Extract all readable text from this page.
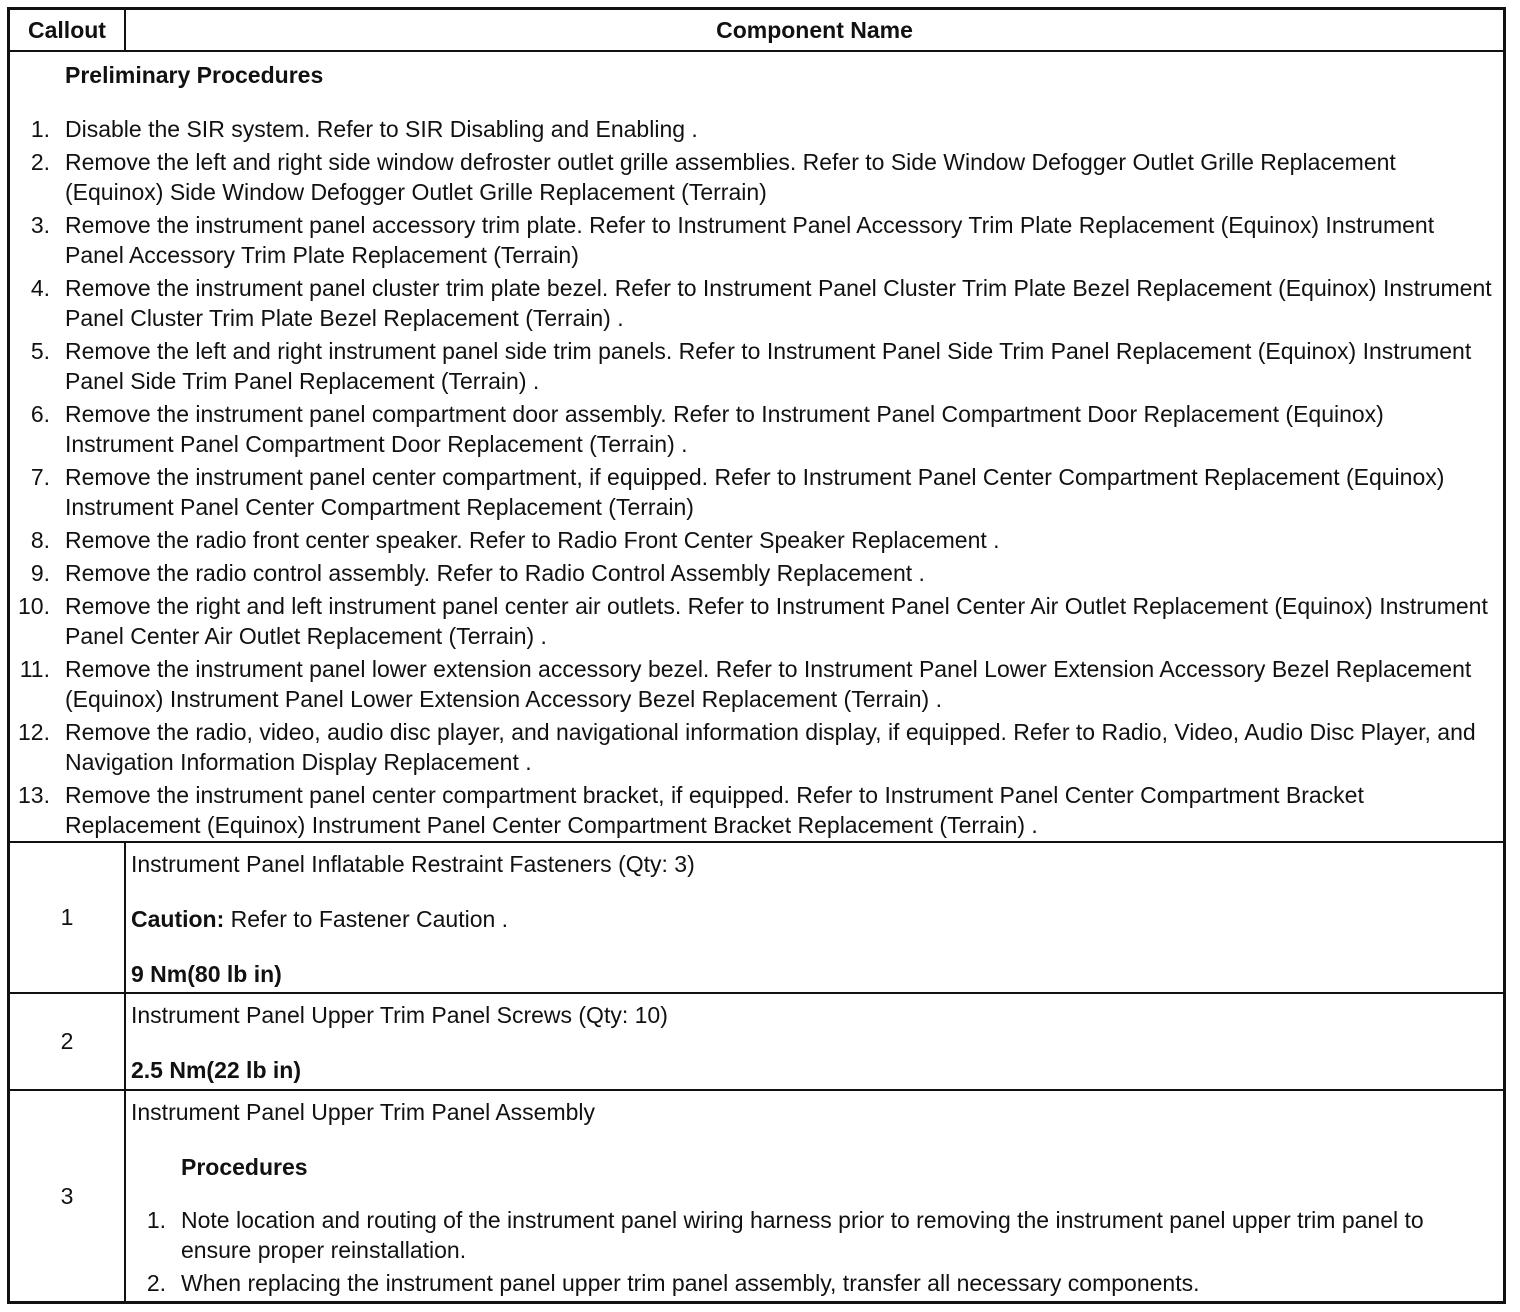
Callout	Component Name
Preliminary Procedures
1. Disable the SIR system. Refer to SIR Disabling and Enabling .
2. Remove the left and right side window defroster outlet grille assemblies. Refer to Side Window Defogger Outlet Grille Replacement (Equinox) Side Window Defogger Outlet Grille Replacement (Terrain)
3. Remove the instrument panel accessory trim plate. Refer to Instrument Panel Accessory Trim Plate Replacement (Equinox) Instrument Panel Accessory Trim Plate Replacement (Terrain)
4. Remove the instrument panel cluster trim plate bezel. Refer to Instrument Panel Cluster Trim Plate Bezel Replacement (Equinox) Instrument Panel Cluster Trim Plate Bezel Replacement (Terrain) .
5. Remove the left and right instrument panel side trim panels. Refer to Instrument Panel Side Trim Panel Replacement (Equinox) Instrument Panel Side Trim Panel Replacement (Terrain) .
6. Remove the instrument panel compartment door assembly. Refer to Instrument Panel Compartment Door Replacement (Equinox) Instrument Panel Compartment Door Replacement (Terrain) .
7. Remove the instrument panel center compartment, if equipped. Refer to Instrument Panel Center Compartment Replacement (Equinox) Instrument Panel Center Compartment Replacement (Terrain)
8. Remove the radio front center speaker. Refer to Radio Front Center Speaker Replacement .
9. Remove the radio control assembly. Refer to Radio Control Assembly Replacement .
10. Remove the right and left instrument panel center air outlets. Refer to Instrument Panel Center Air Outlet Replacement (Equinox) Instrument Panel Center Air Outlet Replacement (Terrain) .
11. Remove the instrument panel lower extension accessory bezel. Refer to Instrument Panel Lower Extension Accessory Bezel Replacement (Equinox) Instrument Panel Lower Extension Accessory Bezel Replacement (Terrain) .
12. Remove the radio, video, audio disc player, and navigational information display, if equipped. Refer to Radio, Video, Audio Disc Player, and Navigation Information Display Replacement .
13. Remove the instrument panel center compartment bracket, if equipped. Refer to Instrument Panel Center Compartment Bracket Replacement (Equinox) Instrument Panel Center Compartment Bracket Replacement (Terrain) .
1
Instrument Panel Inflatable Restraint Fasteners (Qty: 3)
Caution: Refer to Fastener Caution .
9 Nm(80 lb in)
2
Instrument Panel Upper Trim Panel Screws (Qty: 10)
2.5 Nm(22 lb in)
3
Instrument Panel Upper Trim Panel Assembly
Procedures
1. Note location and routing of the instrument panel wiring harness prior to removing the instrument panel upper trim panel to ensure proper reinstallation.
2. When replacing the instrument panel upper trim panel assembly, transfer all necessary components.
